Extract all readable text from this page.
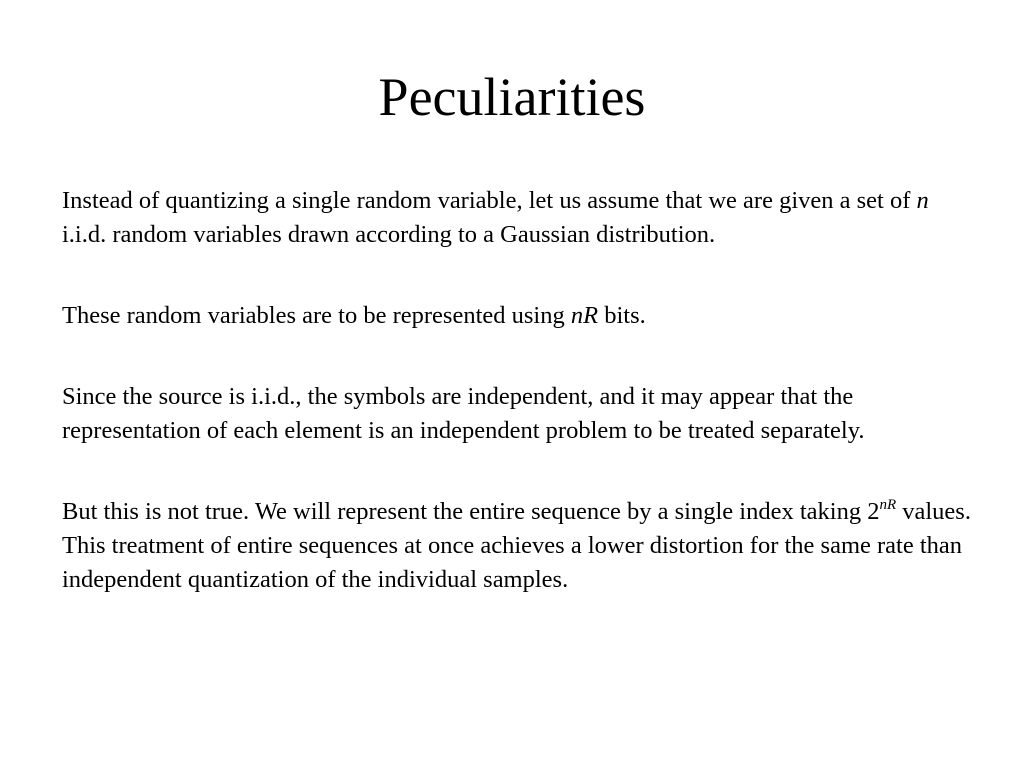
Peculiarities

Instead of quantizing a single random variable, let us assume that we are given a set of n i.i.d. random variables drawn according to a Gaussian distribution.

These random variables are to be represented using nR bits.

Since the source is i.i.d., the symbols are independent, and it may appear that the representation of each element is an independent problem to be treated separately.

But this is not true. We will represent the entire sequence by a single index taking $2^{nR}$ values. This treatment of entire sequences at once achieves a lower distortion for the same rate than independent quantization of the individual samples.
